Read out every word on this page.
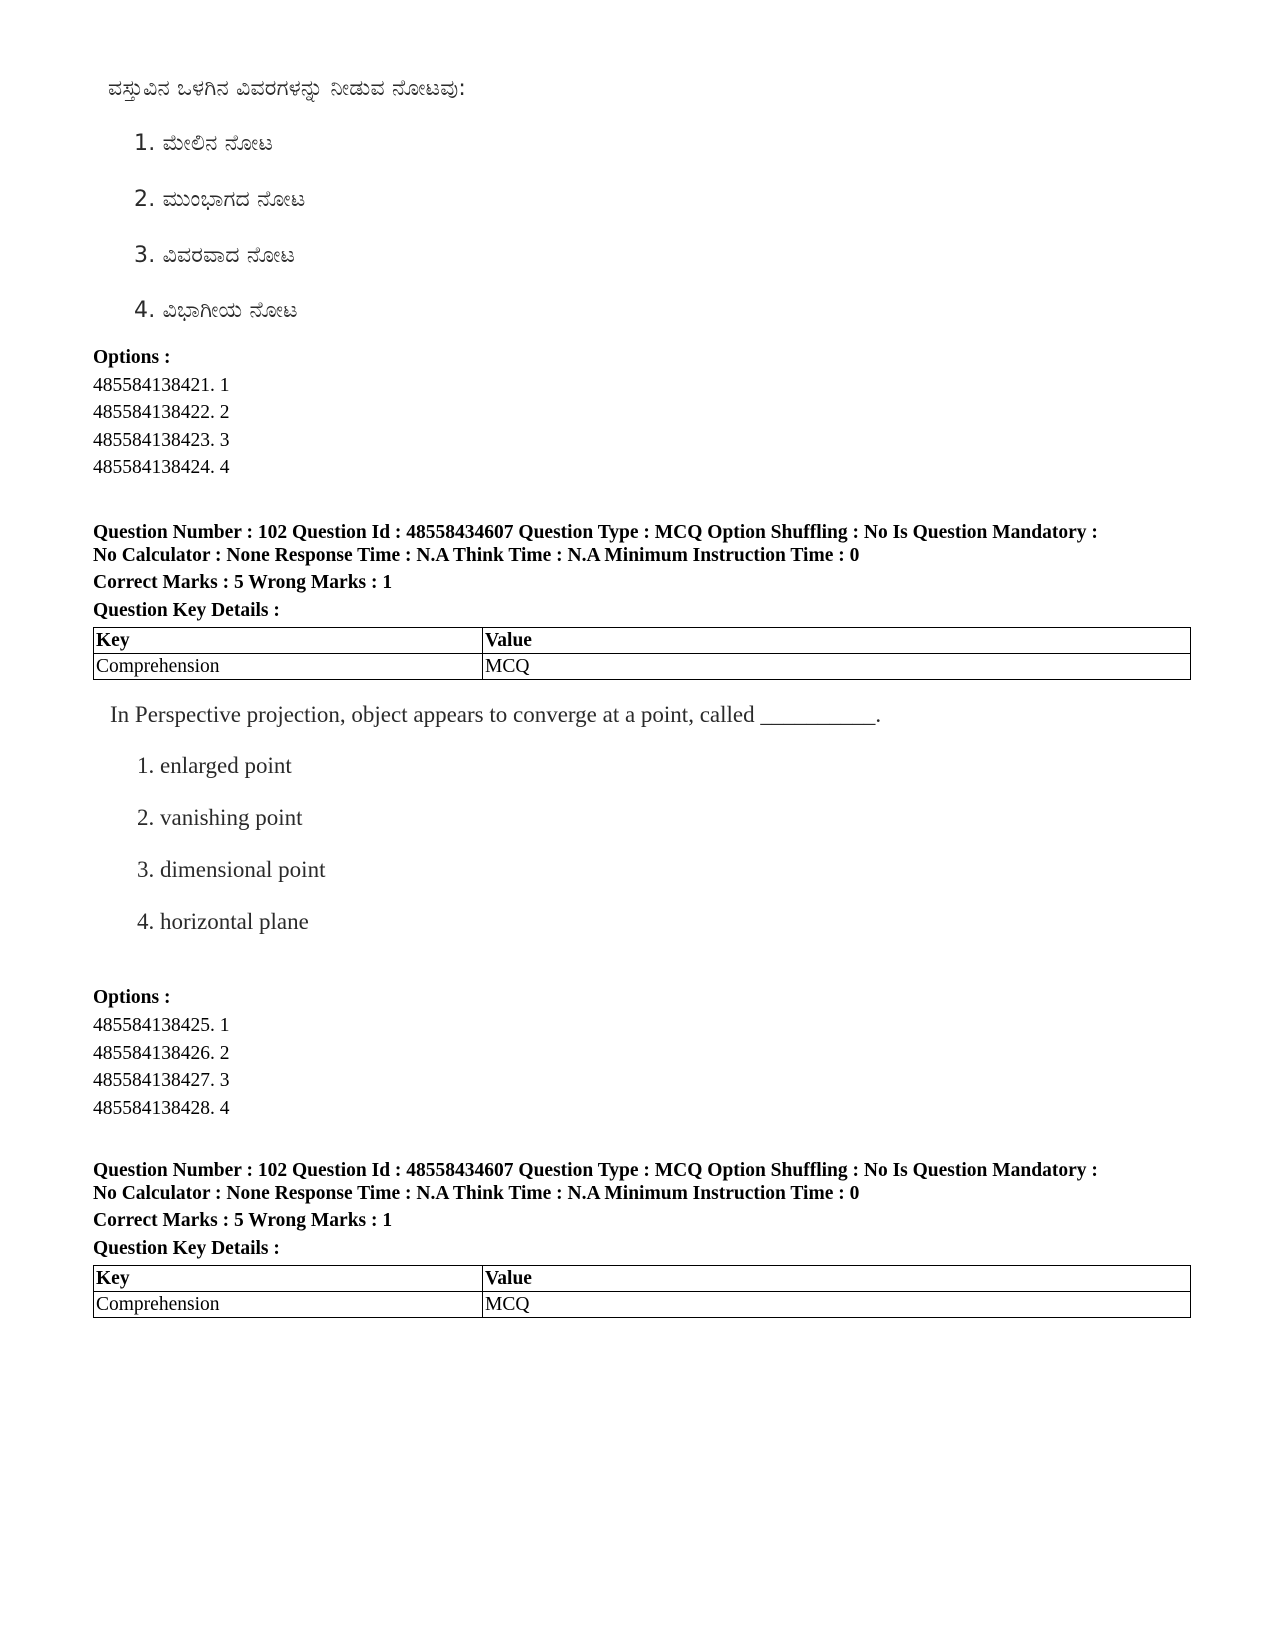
ವಸ್ತುವಿನ ಒಳಗಿನ ವಿವರಗಳನ್ನು ನೀಡುವ ನೋಟವು:
1. ಮೇಲಿನ ನೋಟ
2. ಮುಂಭಾಗದ ನೋಟ
3. ವಿವರವಾದ ನೋಟ
4. ವಿಭಾಗೀಯ ನೋಟ
Options :
485584138421. 1
485584138422. 2
485584138423. 3
485584138424. 4
Question Number : 102 Question Id : 48558434607 Question Type : MCQ Option Shuffling : No Is Question Mandatory :
No Calculator : None Response Time : N.A Think Time : N.A Minimum Instruction Time : 0
Correct Marks : 5 Wrong Marks : 1
Question Key Details :
Key	Value
Comprehension	MCQ
In Perspective projection, object appears to converge at a point, called __________.
1. enlarged point
2. vanishing point
3. dimensional point
4. horizontal plane
Options :
485584138425. 1
485584138426. 2
485584138427. 3
485584138428. 4
Question Number : 102 Question Id : 48558434607 Question Type : MCQ Option Shuffling : No Is Question Mandatory :
No Calculator : None Response Time : N.A Think Time : N.A Minimum Instruction Time : 0
Correct Marks : 5 Wrong Marks : 1
Question Key Details :
Key	Value
Comprehension	MCQ
